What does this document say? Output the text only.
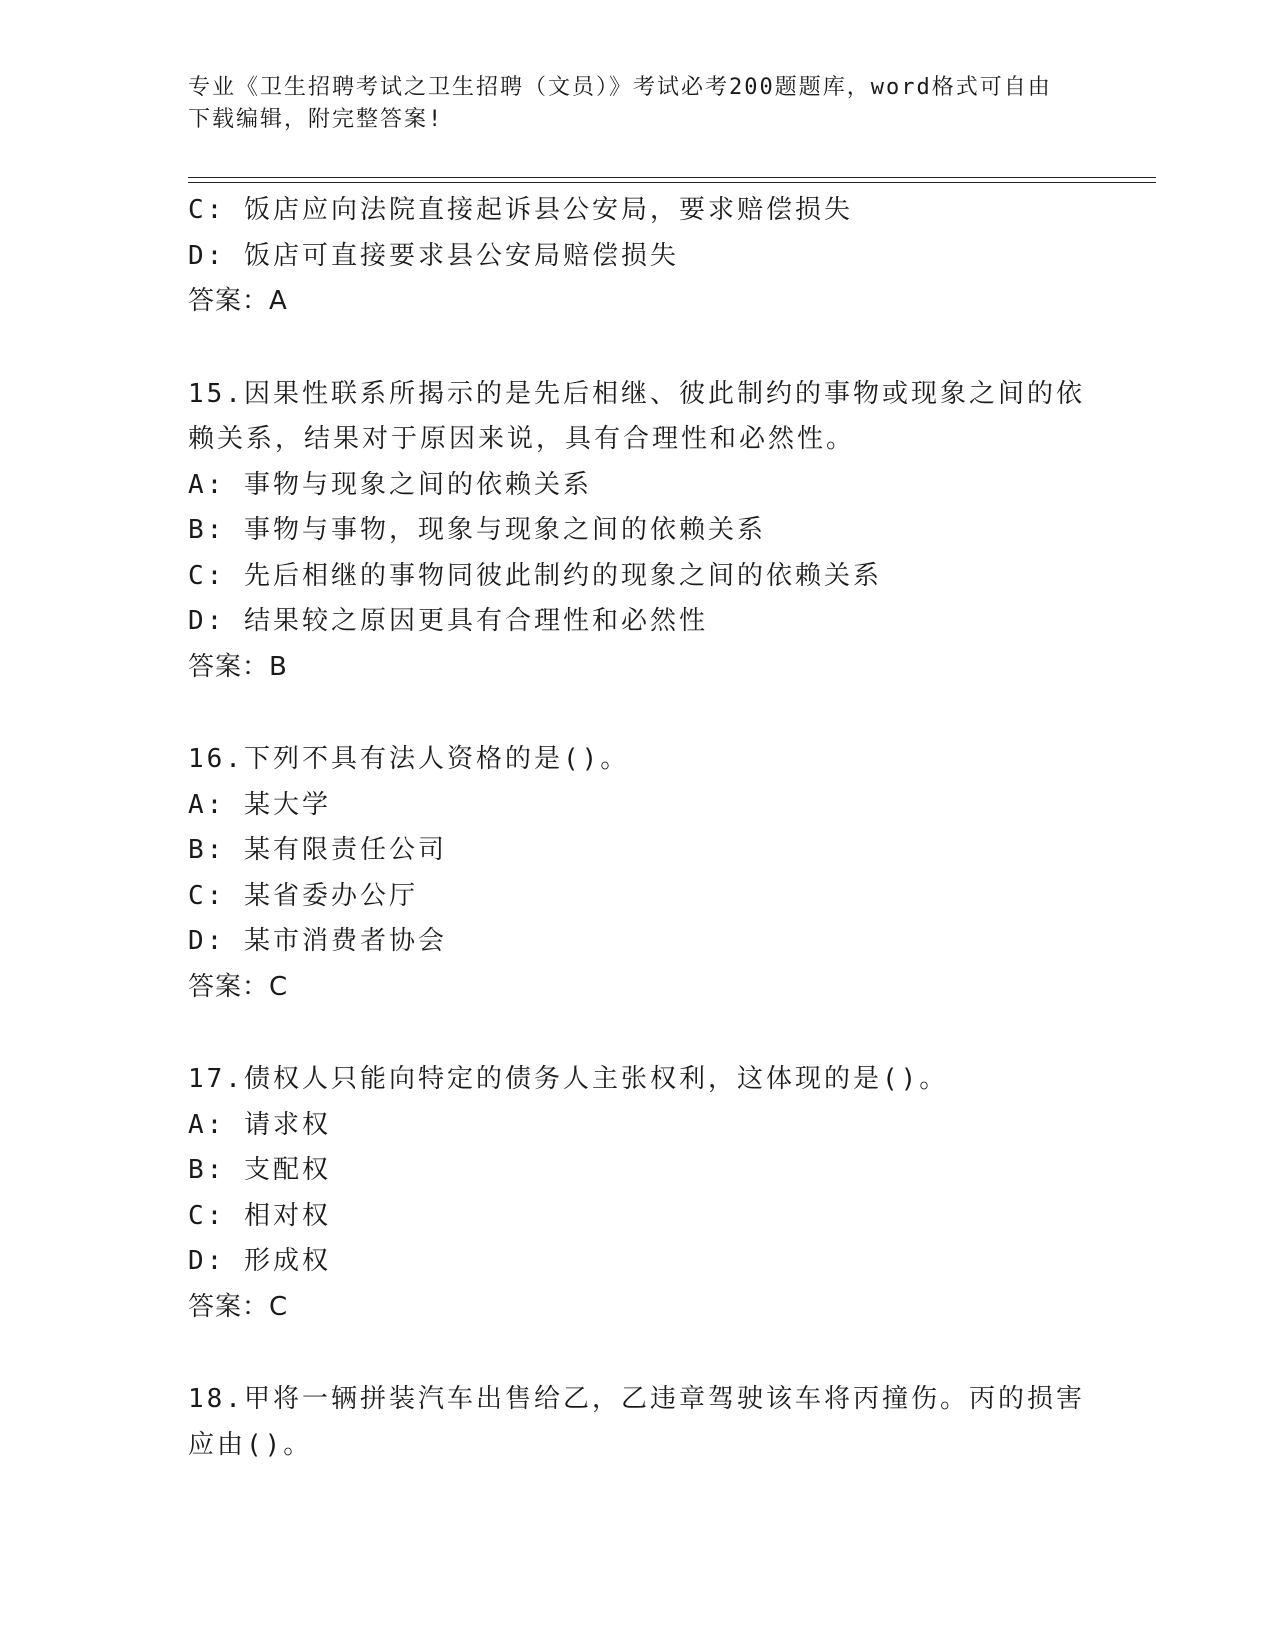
专业《卫生招聘考试之卫生招聘（文员）》考试必考200题题库，word格式可自由下载编辑，附完整答案!
C: 饭店应向法院直接起诉县公安局，要求赔偿损失
D: 饭店可直接要求县公安局赔偿损失
答案：A
15.因果性联系所揭示的是先后相继、彼此制约的事物或现象之间的依
赖关系，结果对于原因来说，具有合理性和必然性。
A: 事物与现象之间的依赖关系
B: 事物与事物，现象与现象之间的依赖关系
C: 先后相继的事物同彼此制约的现象之间的依赖关系
D: 结果较之原因更具有合理性和必然性
答案：B
16.下列不具有法人资格的是()。
A: 某大学
B: 某有限责任公司
C: 某省委办公厅
D: 某市消费者协会
答案：C
17.债权人只能向特定的债务人主张权利，这体现的是()。
A: 请求权
B: 支配权
C: 相对权
D: 形成权
答案：C
18.甲将一辆拼装汽车出售给乙，乙违章驾驶该车将丙撞伤。丙的损害
应由()。
